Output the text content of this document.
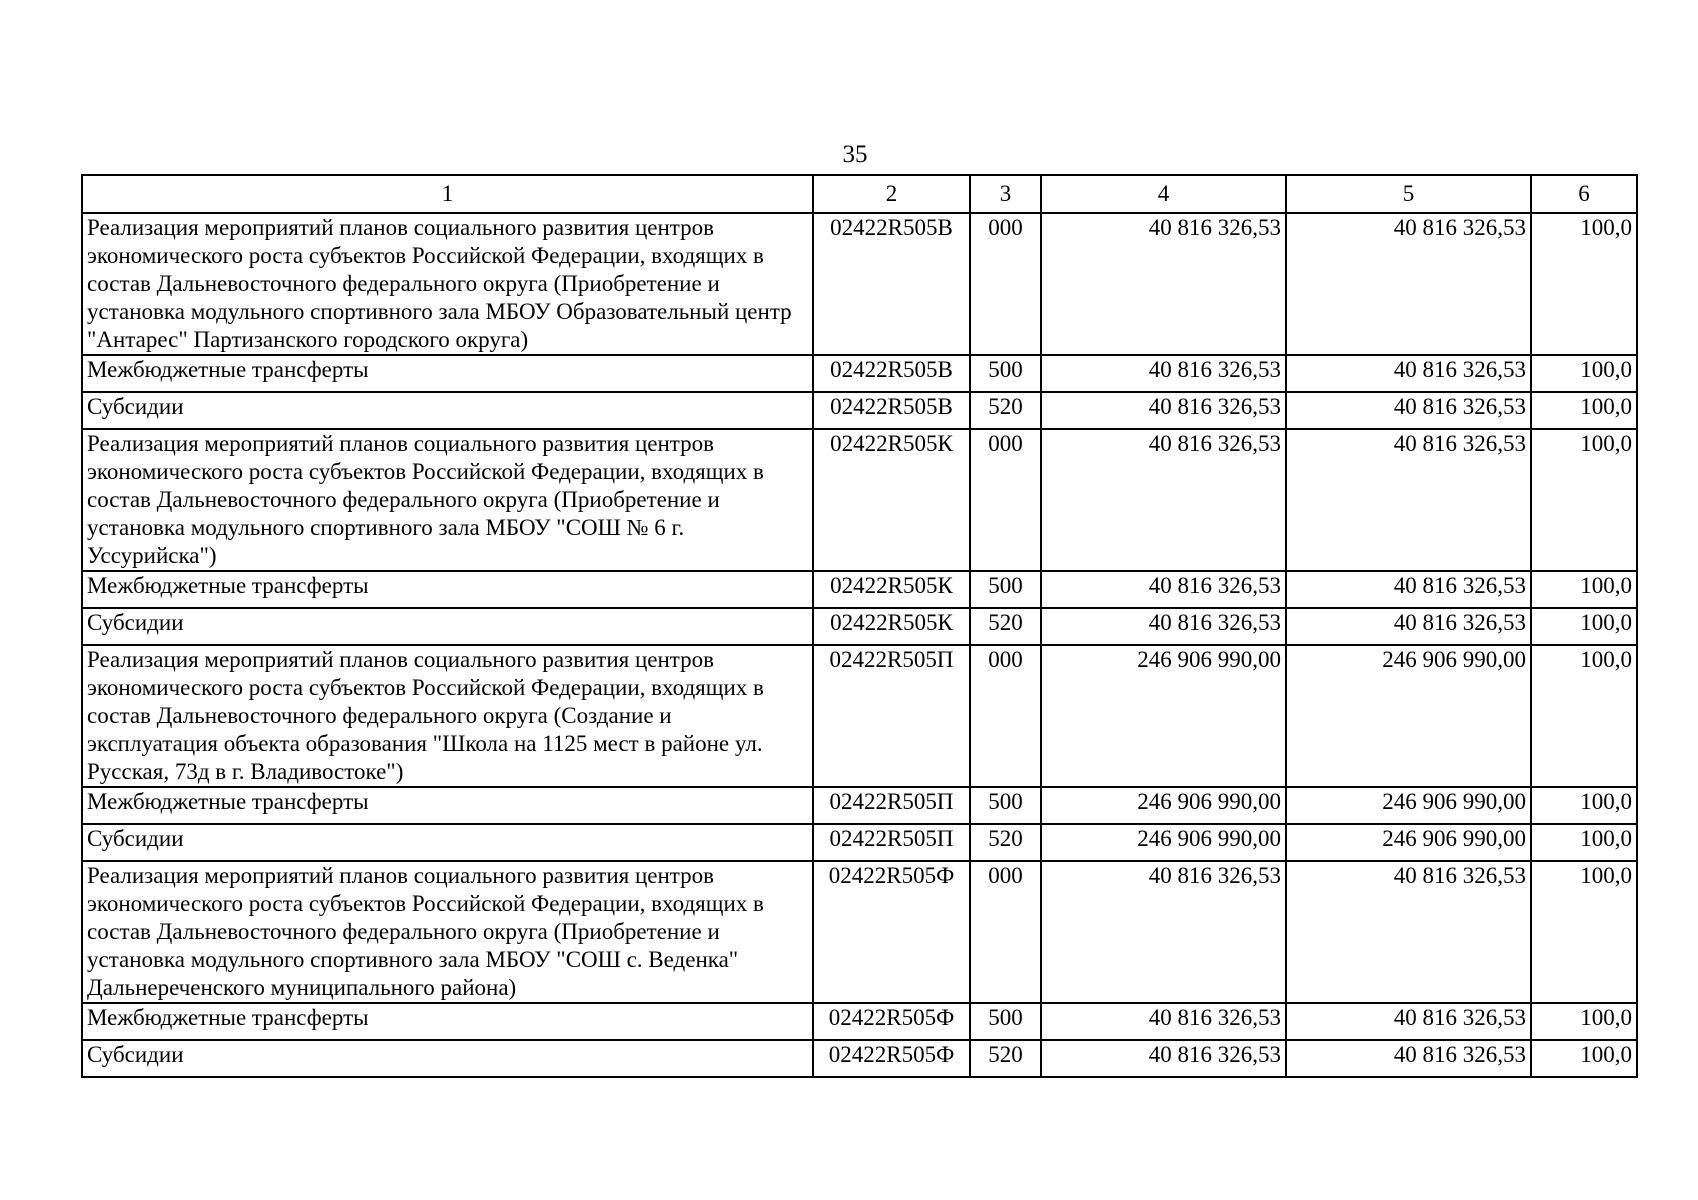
35
1	2	3	4	5	6
Реализация мероприятий планов социального развития центров экономического роста субъектов Российской Федерации, входящих в состав Дальневосточного федерального округа (Приобретение и установка модульного спортивного зала МБОУ Образовательный центр "Антарес" Партизанского городского округа)	02422R505В	000	40 816 326,53	40 816 326,53	100,0
Межбюджетные трансферты	02422R505В	500	40 816 326,53	40 816 326,53	100,0
Субсидии	02422R505В	520	40 816 326,53	40 816 326,53	100,0
Реализация мероприятий планов социального развития центров экономического роста субъектов Российской Федерации, входящих в состав Дальневосточного федерального округа (Приобретение и установка модульного спортивного зала МБОУ "СОШ № 6 г. Уссурийска")	02422R505К	000	40 816 326,53	40 816 326,53	100,0
Межбюджетные трансферты	02422R505К	500	40 816 326,53	40 816 326,53	100,0
Субсидии	02422R505К	520	40 816 326,53	40 816 326,53	100,0
Реализация мероприятий планов социального развития центров экономического роста субъектов Российской Федерации, входящих в состав Дальневосточного федерального округа (Создание и эксплуатация объекта образования "Школа на 1125 мест в районе ул. Русская, 73д в г. Владивостоке")	02422R505П	000	246 906 990,00	246 906 990,00	100,0
Межбюджетные трансферты	02422R505П	500	246 906 990,00	246 906 990,00	100,0
Субсидии	02422R505П	520	246 906 990,00	246 906 990,00	100,0
Реализация мероприятий планов социального развития центров экономического роста субъектов Российской Федерации, входящих в состав Дальневосточного федерального округа (Приобретение и установка модульного спортивного зала МБОУ "СОШ с. Веденка" Дальнереченского муниципального района)	02422R505Ф	000	40 816 326,53	40 816 326,53	100,0
Межбюджетные трансферты	02422R505Ф	500	40 816 326,53	40 816 326,53	100,0
Субсидии	02422R505Ф	520	40 816 326,53	40 816 326,53	100,0
